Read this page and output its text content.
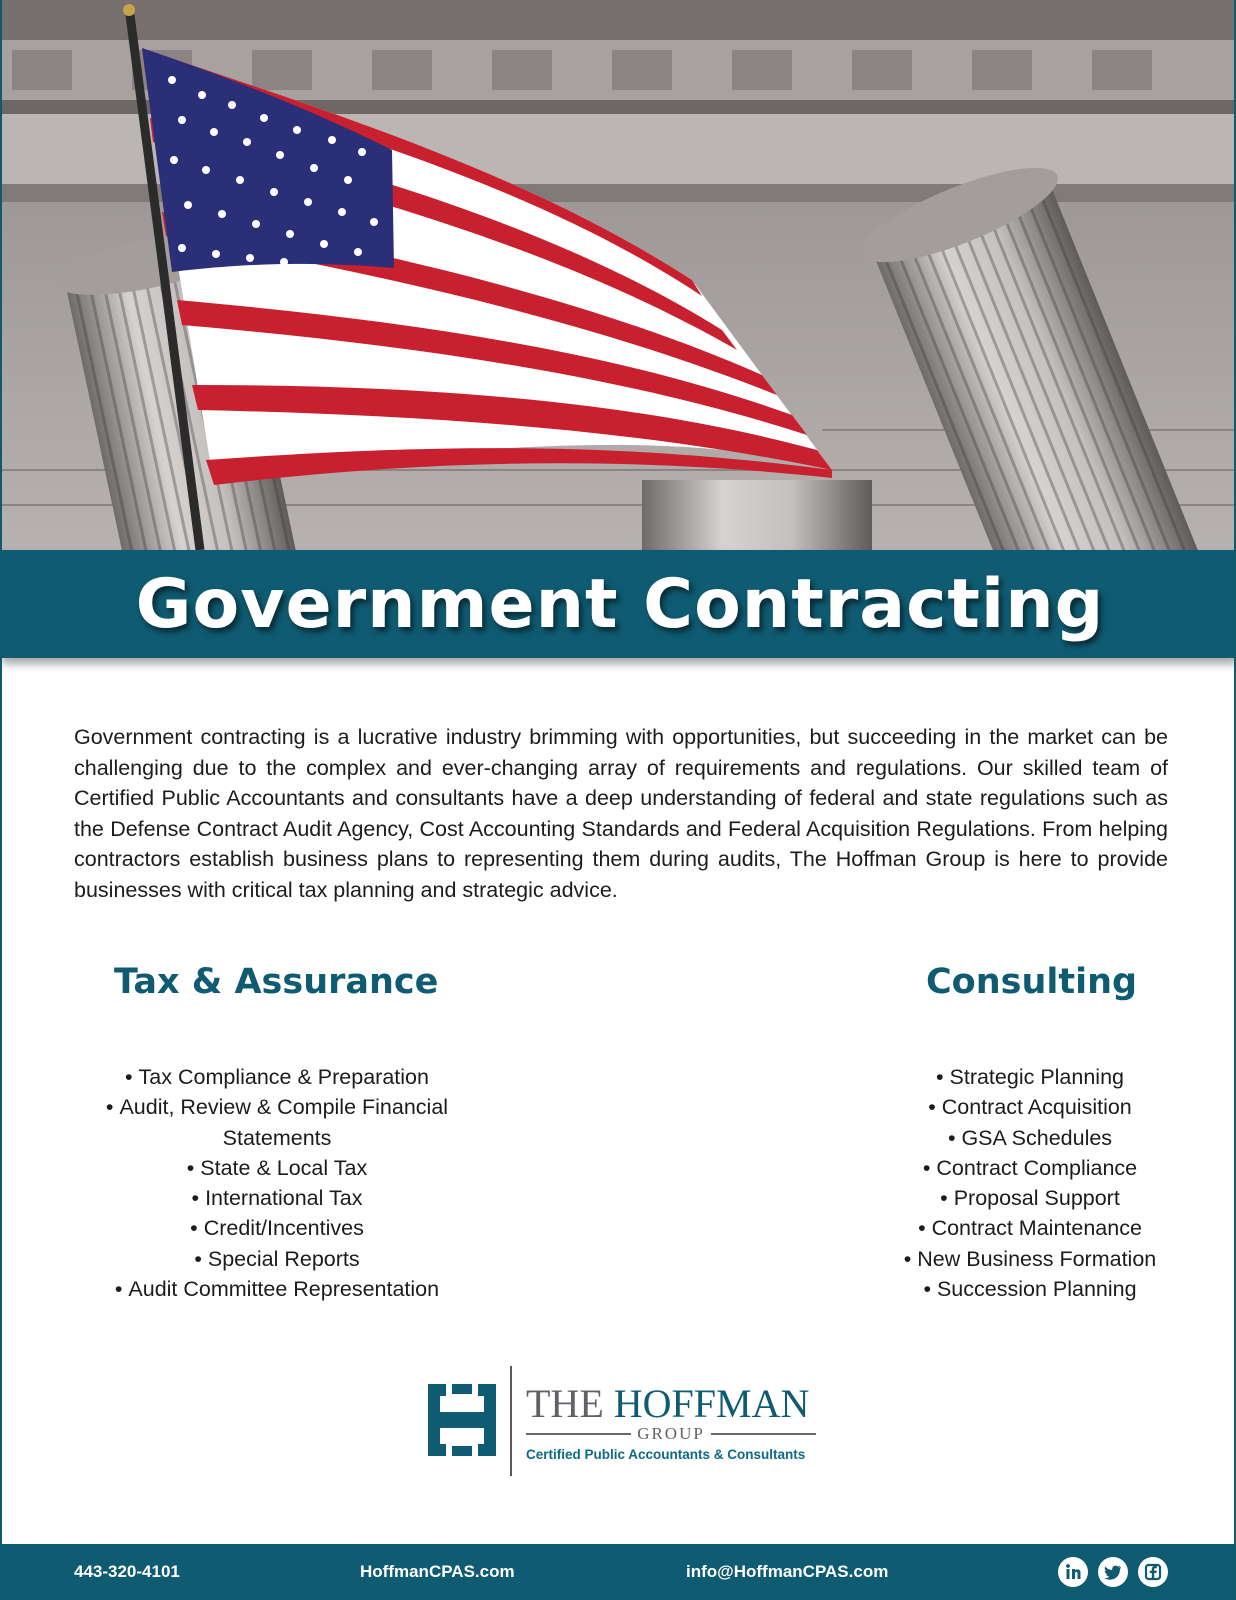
Government Contracting

Government contracting is a lucrative industry brimming with opportunities, but succeeding in the market can be challenging due to the complex and ever-changing array of requirements and regulations. Our skilled team of Certified Public Accountants and consultants have a deep understanding of federal and state regulations such as the Defense Contract Audit Agency, Cost Accounting Standards and Federal Acquisition Regulations. From helping contractors establish business plans to representing them during audits, The Hoffman Group is here to provide businesses with critical tax planning and strategic advice.

Tax & Assurance
• Tax Compliance & Preparation
• Audit, Review & Compile Financial Statements
• State & Local Tax
• International Tax
• Credit/Incentives
• Special Reports
• Audit Committee Representation
Consulting
• Strategic Planning
• Contract Acquisition
• GSA Schedules
• Contract Compliance
• Proposal Support
• Contract Maintenance
• New Business Formation
• Succession Planning
THE HOFFMAN
GROUP
Certified Public Accountants & Consultants
443-320-4101	HoffmanCPAS.com	info@HoffmanCPAS.com
